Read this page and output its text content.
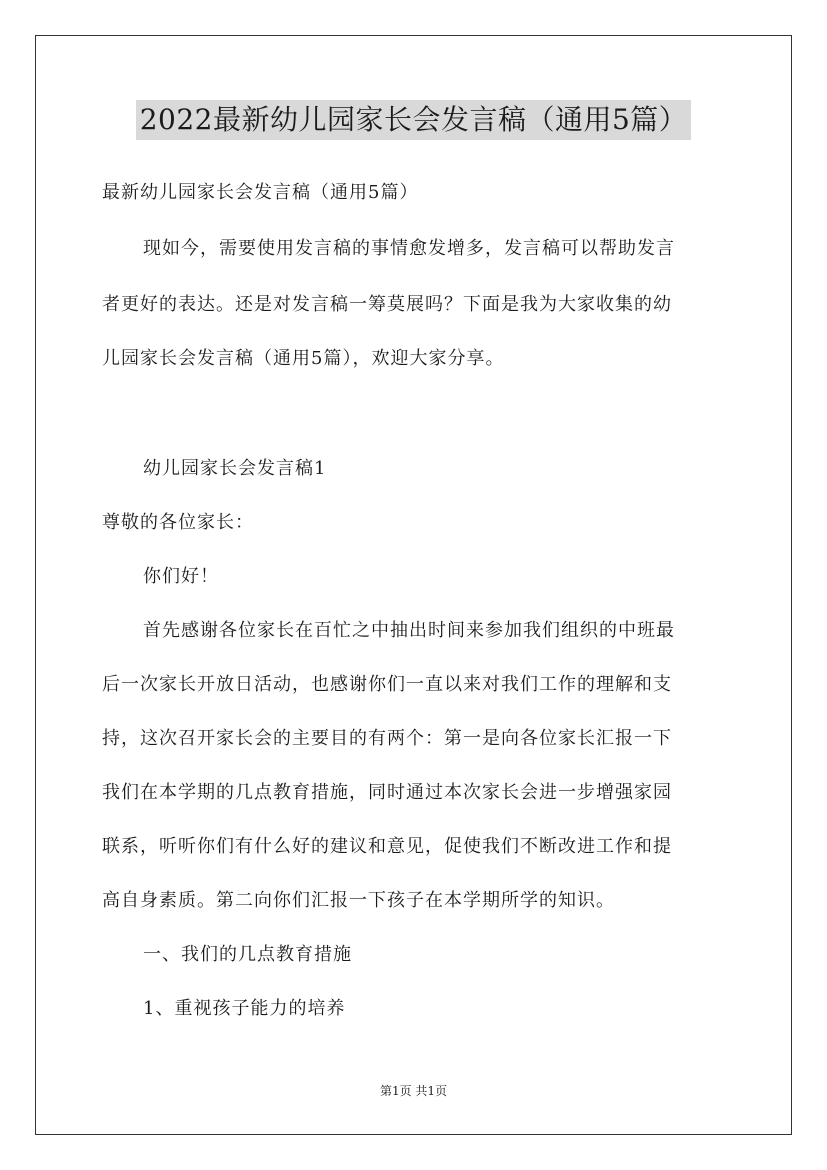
2022最新幼儿园家长会发言稿（通用5篇）
最新幼儿园家长会发言稿（通用5篇）
现如今，需要使用发言稿的事情愈发增多，发言稿可以帮助发言
者更好的表达。还是对发言稿一筹莫展吗？下面是我为大家收集的幼
儿园家长会发言稿（通用5篇），欢迎大家分享。
幼儿园家长会发言稿1
尊敬的各位家长：
你们好！
首先感谢各位家长在百忙之中抽出时间来参加我们组织的中班最
后一次家长开放日活动，也感谢你们一直以来对我们工作的理解和支
持，这次召开家长会的主要目的有两个：第一是向各位家长汇报一下
我们在本学期的几点教育措施，同时通过本次家长会进一步增强家园
联系，听听你们有什么好的建议和意见，促使我们不断改进工作和提
高自身素质。第二向你们汇报一下孩子在本学期所学的知识。
一、我们的几点教育措施
1、重视孩子能力的培养
第1页 共1页
